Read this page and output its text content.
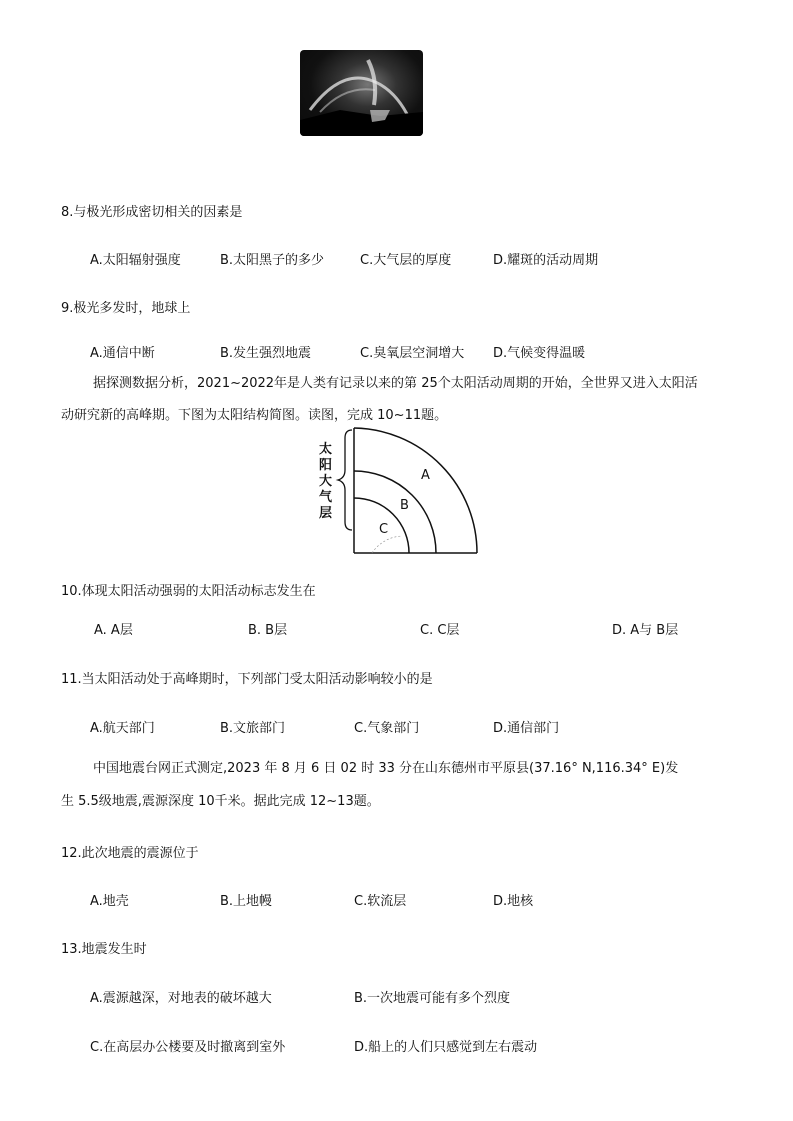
8.与极光形成密切相关的因素是
A.太阳辐射强度	B.太阳黑子的多少	C.大气层的厚度	D.耀斑的活动周期
9.极光多发时，地球上
A.通信中断	B.发生强烈地震	C.臭氧层空洞增大 D.气候变得温暖
据探测数据分析，2021~2022年是人类有记录以来的第 25个太阳活动周期的开始，全世界又进入太阳活
动研究新的高峰期。下图为太阳结构简图。读图，完成 10~11题。
太
阳
大
气
层
A
B
C
10.体现太阳活动强弱的太阳活动标志发生在
A. A层	B. B层	C. C层	D. A与 B层
11.当太阳活动处于高峰期时，下列部门受太阳活动影响较小的是
A.航天部门	B.文旅部门	C.气象部门	D.通信部门
中国地震台网正式测定,2023 年 8 月 6 日 02 时 33 分在山东德州市平原县(37.16° N,116.34° E)发
生 5.5级地震,震源深度 10千米。据此完成 12~13题。
12.此次地震的震源位于
A.地壳	B.上地幔	C.软流层	D.地核
13.地震发生时
A.震源越深，对地表的破坏越大	B.一次地震可能有多个烈度
C.在高层办公楼要及时撤离到室外	D.船上的人们只感觉到左右震动
